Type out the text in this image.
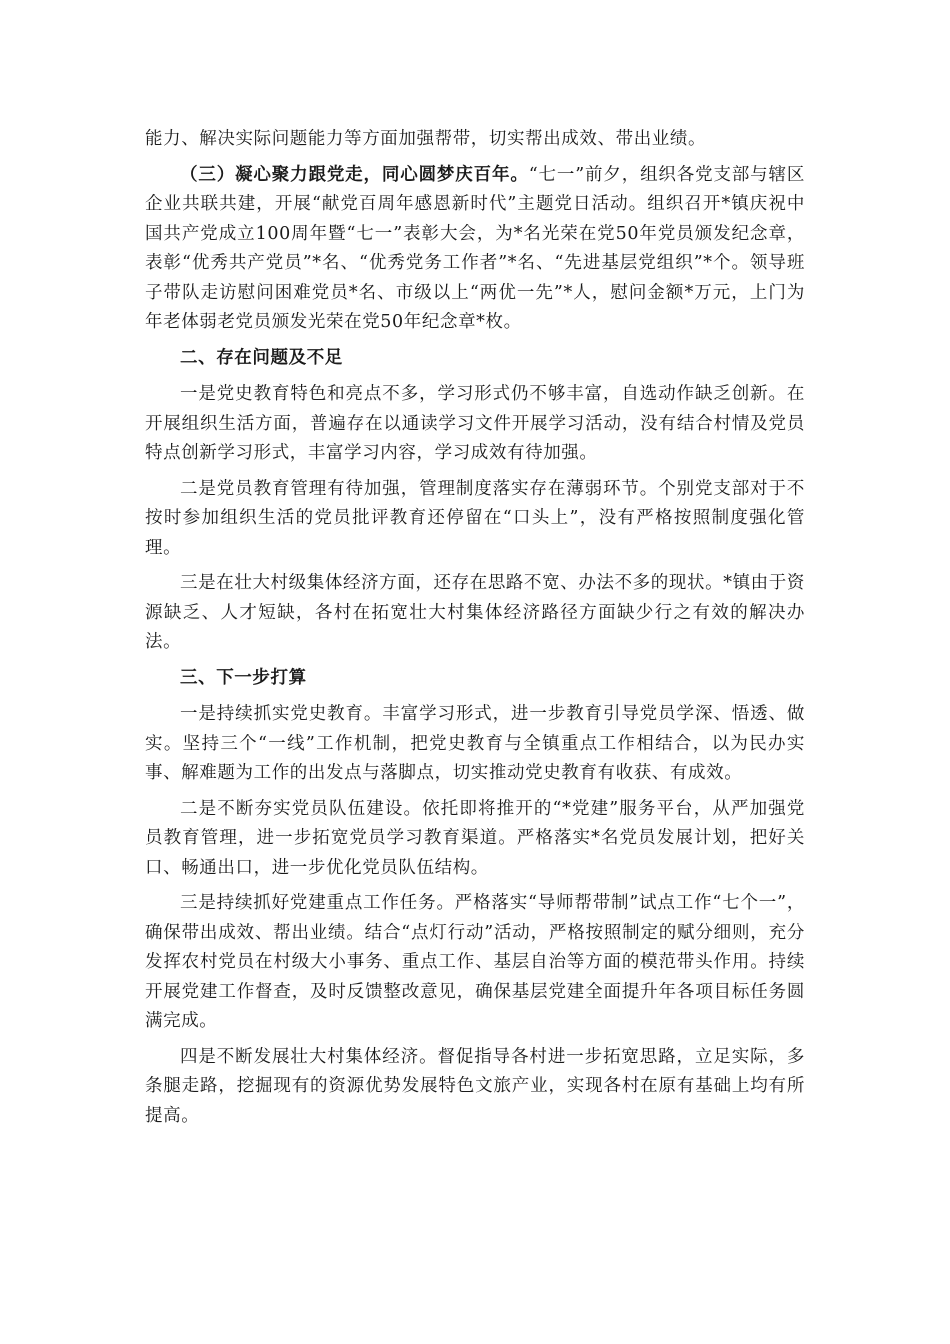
能力、解决实际问题能力等方面加强帮带，切实帮出成效、带出业绩。

（三）凝心聚力跟党走，同心圆梦庆百年。“七一”前夕，组织各党支部与辖区企业共联共建，开展“献党百周年感恩新时代”主题党日活动。组织召开*镇庆祝中国共产党成立100周年暨“七一”表彰大会，为*名光荣在党50年党员颁发纪念章，表彰“优秀共产党员”*名、“优秀党务工作者”*名、“先进基层党组织”*个。领导班子带队走访慰问困难党员*名、市级以上“两优一先”*人，慰问金额*万元，上门为年老体弱老党员颁发光荣在党50年纪念章*枚。

二、存在问题及不足

一是党史教育特色和亮点不多，学习形式仍不够丰富，自选动作缺乏创新。在开展组织生活方面，普遍存在以通读学习文件开展学习活动，没有结合村情及党员特点创新学习形式，丰富学习内容，学习成效有待加强。

二是党员教育管理有待加强，管理制度落实存在薄弱环节。个别党支部对于不按时参加组织生活的党员批评教育还停留在“口头上”，没有严格按照制度强化管理。

三是在壮大村级集体经济方面，还存在思路不宽、办法不多的现状。*镇由于资源缺乏、人才短缺，各村在拓宽壮大村集体经济路径方面缺少行之有效的解决办法。

三、下一步打算

一是持续抓实党史教育。丰富学习形式，进一步教育引导党员学深、悟透、做实。坚持三个“一线”工作机制，把党史教育与全镇重点工作相结合，以为民办实事、解难题为工作的出发点与落脚点，切实推动党史教育有收获、有成效。

二是不断夯实党员队伍建设。依托即将推开的“*党建”服务平台，从严加强党员教育管理，进一步拓宽党员学习教育渠道。严格落实*名党员发展计划，把好关口、畅通出口，进一步优化党员队伍结构。

三是持续抓好党建重点工作任务。严格落实“导师帮带制”试点工作“七个一”，确保带出成效、帮出业绩。结合“点灯行动”活动，严格按照制定的赋分细则，充分发挥农村党员在村级大小事务、重点工作、基层自治等方面的模范带头作用。持续开展党建工作督查，及时反馈整改意见，确保基层党建全面提升年各项目标任务圆满完成。

四是不断发展壮大村集体经济。督促指导各村进一步拓宽思路，立足实际，多条腿走路，挖掘现有的资源优势发展特色文旅产业，实现各村在原有基础上均有所提高。
